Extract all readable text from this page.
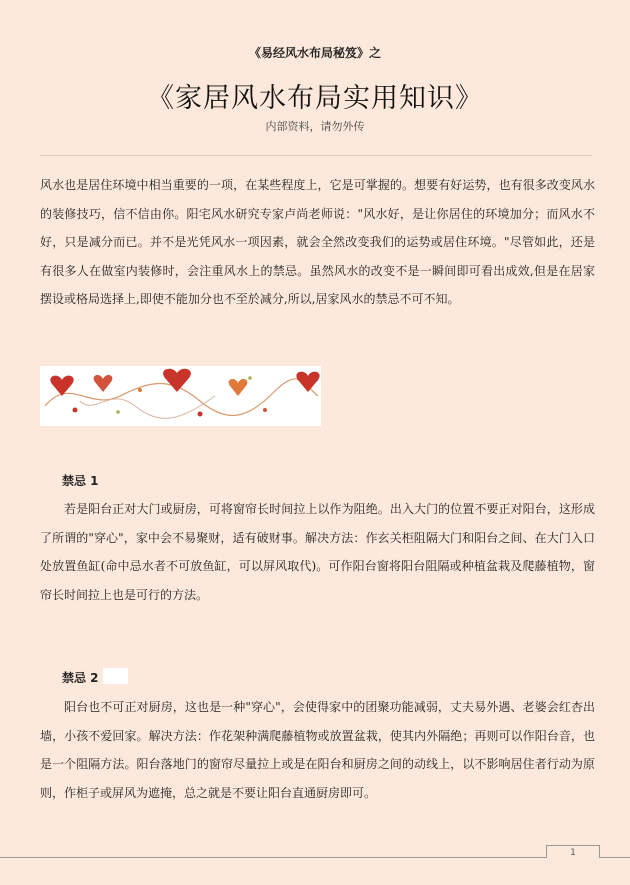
《易经风水布局秘笈》之
《家居风水布局实用知识》
内部资料，请勿外传

风水也是居住环境中相当重要的一项，在某些程度上，它是可掌握的。想要有好运势，也有很多改变风水的装修技巧，信不信由你。阳宅风水研究专家卢尚老师说："风水好，是让你居住的环境加分；而风水不好，只是减分而已。并不是光凭风水一项因素，就会全然改变我们的运势或居住环境。"尽管如此，还是有很多人在做室内装修时，会注重风水上的禁忌。虽然风水的改变不是一瞬间即可看出成效,但是在居家摆设或格局选择上,即使不能加分也不至於减分,所以,居家风水的禁忌不可不知。

禁忌 1

若是阳台正对大门或厨房，可将窗帘长时间拉上以作为阻绝。出入大门的位置不要正对阳台，这形成了所谓的"穿心"，家中会不易聚财，适有破财事。解决方法：作玄关柜阻隔大门和阳台之间、在大门入口处放置鱼缸(命中忌水者不可放鱼缸，可以屏风取代)。可作阳台窗将阳台阻隔或种植盆栽及爬藤植物，窗帘长时间拉上也是可行的方法。

禁忌 2

阳台也不可正对厨房，这也是一种"穿心"，会使得家中的团聚功能减弱，丈夫易外遇、老婆会红杏出墙，小孩不爱回家。解决方法：作花架种满爬藤植物或放置盆栽，使其内外隔绝；再则可以作阳台音，也是一个阻隔方法。阳台落地门的窗帘尽量拉上或是在阳台和厨房之间的动线上，以不影响居住者行动为原则，作柜子或屏风为遮掩，总之就是不要让阳台直通厨房即可。

1
